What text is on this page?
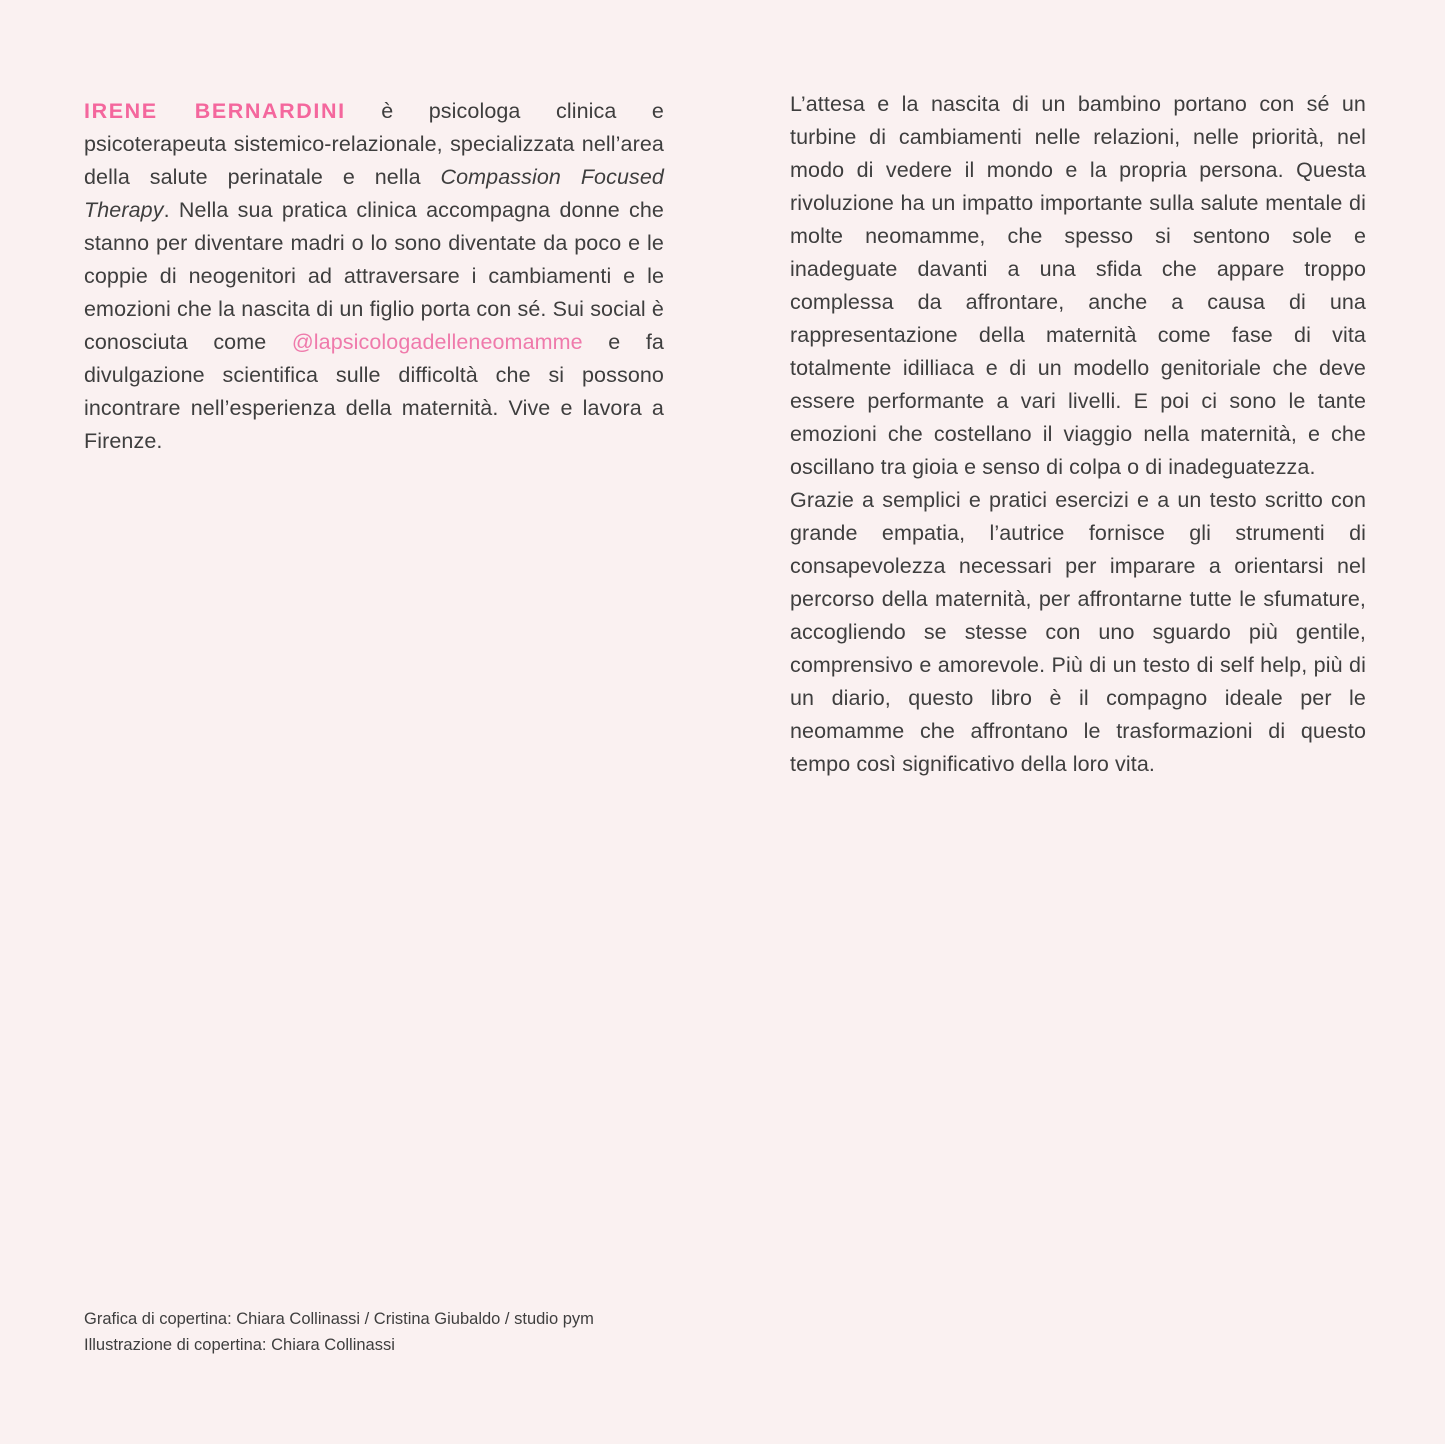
IRENE BERNARDINI è psicologa clinica e psicoterapeuta sistemico-relazionale, specializzata nell’area della salute perinatale e nella Compassion Focused Therapy. Nella sua pratica clinica accompagna donne che stanno per diventare madri o lo sono diventate da poco e le coppie di neogenitori ad attraversare i cambiamenti e le emozioni che la nascita di un figlio porta con sé. Sui social è conosciuta come @lapsicologadelleneomamme e fa divulgazione scientifica sulle difficoltà che si possono incontrare nell’esperienza della maternità. Vive e lavora a Firenze.

L’attesa e la nascita di un bambino portano con sé un turbine di cambiamenti nelle relazioni, nelle priorità, nel modo di vedere il mondo e la propria persona. Questa rivoluzione ha un impatto importante sulla salute mentale di molte neomamme, che spesso si sentono sole e inadeguate davanti a una sfida che appare troppo complessa da affrontare, anche a causa di una rappresentazione della maternità come fase di vita totalmente idilliaca e di un modello genitoriale che deve essere performante a vari livelli. E poi ci sono le tante emozioni che costellano il viaggio nella maternità, e che oscillano tra gioia e senso di colpa o di inadeguatezza.

Grazie a semplici e pratici esercizi e a un testo scritto con grande empatia, l’autrice fornisce gli strumenti di consapevolezza necessari per imparare a orientarsi nel percorso della maternità, per affrontarne tutte le sfumature, accogliendo se stesse con uno sguardo più gentile, comprensivo e amorevole. Più di un testo di self help, più di un diario, questo libro è il compagno ideale per le neomamme che affrontano le trasformazioni di questo tempo così significativo della loro vita.

Grafica di copertina: Chiara Collinassi / Cristina Giubaldo / studio pym
Illustrazione di copertina: Chiara Collinassi
